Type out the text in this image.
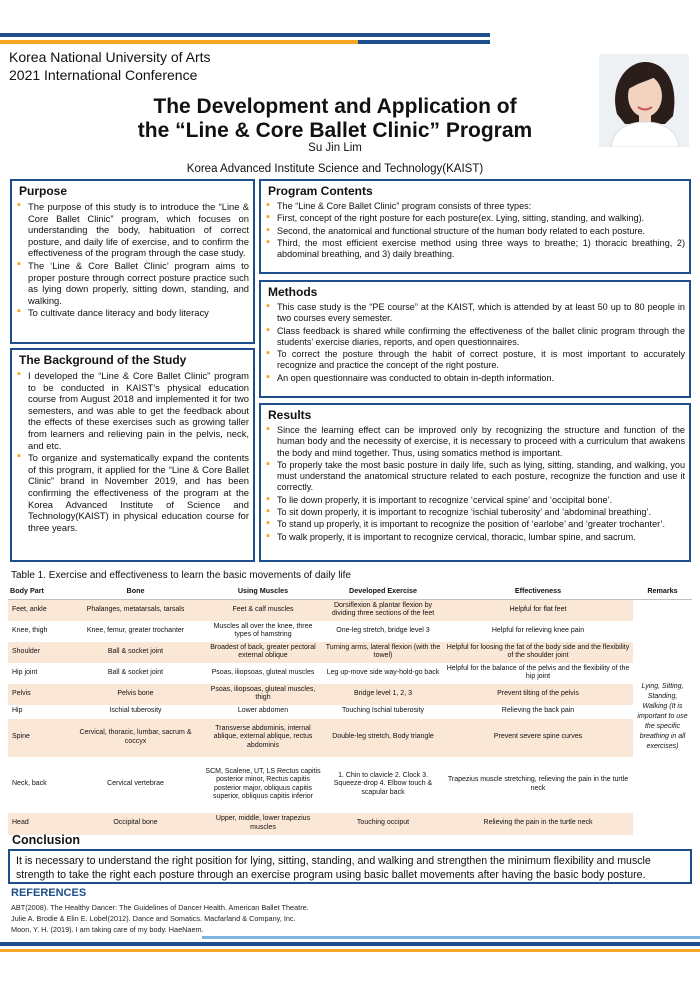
Korea National University of Arts
2021 International Conference
The Development and Application of
the “Line & Core Ballet Clinic” Program
Su Jin Lim
Korea Advanced Institute Science and Technology(KAIST)
Purpose
▪ The purpose of this study is to introduce the “Line & Core Ballet Clinic” program, which focuses on understanding the body, habituation of correct posture, and daily life of exercise, and to confirm the effectiveness of the program through the case study.
▪ The ‘Line & Core Ballet Clinic’ program aims to proper posture through correct posture practice such as lying down properly, sitting down, standing, and walking.
▪ To cultivate dance literacy and body literacy
The Background of the Study
▪ I developed the “Line & Core Ballet Clinic” program to be conducted in KAIST’s physical education course from August 2018 and implemented it for two semesters, and was able to get the feedback about the effects of these exercises such as growing taller from learners and relieving pain in the pelvis, neck, and etc.
▪ To organize and systematically expand the contents of this program, it applied for the “Line & Core Ballet Clinic” brand in November 2019, and has been confirming the effectiveness of the program at the Korea Advanced Institute of Science and Technology(KAIST) in physical education course for three years.
Program Contents
▪ The “Line & Core Ballet Clinic” program consists of three types:
▪ First, concept of the right posture for each posture(ex. Lying, sitting, standing, and walking).
▪ Second, the anatomical and functional structure of the human body related to each posture.
▪ Third, the most efficient exercise method using three ways to breathe; 1) thoracic breathing, 2) abdominal breathing, and 3) daily breathing.
Methods
▪ This case study is the “PE course” at the KAIST, which is attended by at least 50 up to 80 people in two courses every semester.
▪ Class feedback is shared while confirming the effectiveness of the ballet clinic program through the students’ exercise diaries, reports, and open questionnaires.
▪ To correct the posture through the habit of correct posture, it is most important to accurately recognize and practice the concept of the right posture.
▪ An open questionnaire was conducted to obtain in-depth information.
Results
▪ Since the learning effect can be improved only by recognizing the structure and function of the human body and the necessity of exercise, it is necessary to proceed with a curriculum that awakens the body and mind together. Thus, using somatics method is important.
▪ To properly take the most basic posture in daily life, such as lying, sitting, standing, and walking, you must understand the anatomical structure related to each posture, recognize the function and use it correctly.
▪ To lie down properly, it is important to recognize ‘cervical spine’ and ‘occipital bone’.
▪ To sit down properly, it is important to recognize ‘ischial tuberosity’ and ‘abdominal breathing’.
▪ To stand up properly, it is important to recognize the position of ‘earlobe’ and ‘greater trochanter’.
▪ To walk properly, it is important to recognize cervical, thoracic, lumbar spine, and sacrum.
Table 1. Exercise and effectiveness to learn the basic movements of daily life
Body Part	Bone	Using Muscles	Developed Exercise	Effectiveness	Remarks
Feet, ankle	Phalanges, metatarsals, tarsals	Feet & calf muscles	Dorsiflexion & plantar flexion by dividing three sections of the feet	Helpful for flat feet	Lying, Sitting, Standing, Walking (It is important to use the specific breathing in all exercises)
Knee, thigh	Knee, femur, greater trochanter	Muscles all over the knee, three types of hamstring	One-leg stretch, bridge level 3	Helpful for relieving knee pain	
Shoulder	Ball & socket joint	Broadest of back, greater pectoral external oblique	Turning arms, lateral flexion (with the towel)	Helpful for loosing the fat of the body side and the flexibility of the shoulder joint	
Hip joint	Ball & socket joint	Psoas, iliopsoas, gluteal muscles	Leg up-move side way-hold-go back	Helpful for the balance of the pelvis and the flexibility of the hip joint	
Pelvis	Pelvis bone	Psoas, iliopsoas, gluteal muscles, thigh	Bridge level 1, 2, 3	Prevent tilting of the pelvis	
Hip	Ischial tuberosity	Lower abdomen	Touching Ischial tuberosity	Relieving the back pain	
Spine	Cervical, thoracic, lumbar, sacrum & coccyx	Transverse abdominis, internal ablique, external ablique, rectus abdominis	Double-leg stretch, Body triangle	Prevent severe spine curves	
Neck, back	Cervical vertebrae	SCM, Scalene, UT, LS Rectus capitis posterior minor, Rectus capitis posterior major, obliquus capitis superior, obliquus capitis inferior	1. Chin to clavicle 2. Clock 3. Squeeze-drop 4. Elbow touch & scapular back	Trapezius muscle stretching, relieving the pain in the turtle neck	
Head	Occipital bone	Upper, middle, lower trapezius muscles	Touching occiput	Relieving the pain in the turtle neck	
Conclusion
It is necessary to understand the right position for lying, sitting, standing, and walking and strengthen the minimum flexibility and muscle strength to take the right each posture through an exercise program using basic ballet movements after having the basic body posture.
REFERENCES
ABT(2008). The Healthy Dancer: The Guidelines of Dancer Health. American Ballet Theatre.
Julie A. Brodie & Elin E. Lobel(2012). Dance and Somatics. Macfarland & Company, Inc.
Moon, Y. H. (2019). I am taking care of my body. HaeNaem.
